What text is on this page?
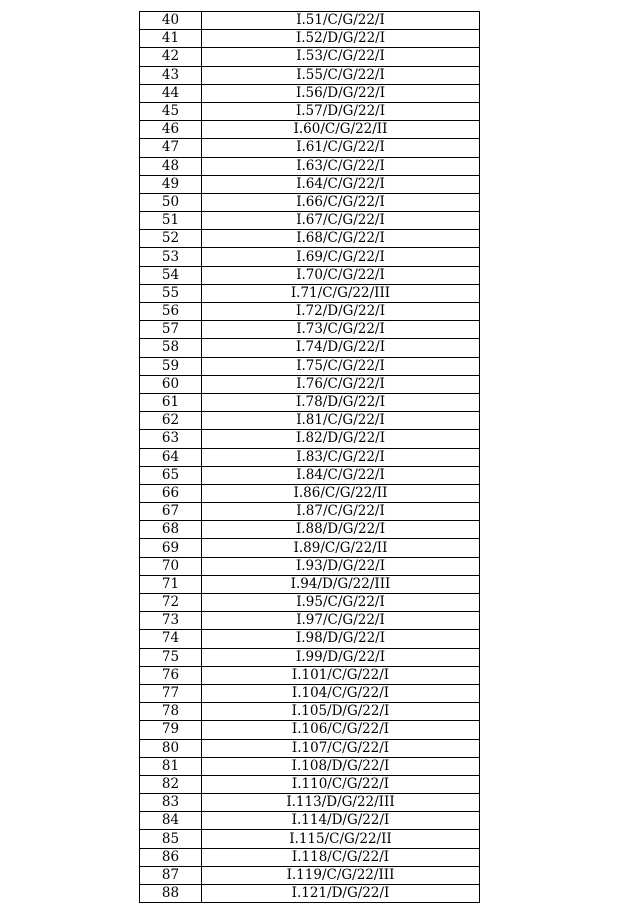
40	I.51/C/G/22/I
41	I.52/D/G/22/I
42	I.53/C/G/22/I
43	I.55/C/G/22/I
44	I.56/D/G/22/I
45	I.57/D/G/22/I
46	I.60/C/G/22/II
47	I.61/C/G/22/I
48	I.63/C/G/22/I
49	I.64/C/G/22/I
50	I.66/C/G/22/I
51	I.67/C/G/22/I
52	I.68/C/G/22/I
53	I.69/C/G/22/I
54	I.70/C/G/22/I
55	I.71/C/G/22/III
56	I.72/D/G/22/I
57	I.73/C/G/22/I
58	I.74/D/G/22/I
59	I.75/C/G/22/I
60	I.76/C/G/22/I
61	I.78/D/G/22/I
62	I.81/C/G/22/I
63	I.82/D/G/22/I
64	I.83/C/G/22/I
65	I.84/C/G/22/I
66	I.86/C/G/22/II
67	I.87/C/G/22/I
68	I.88/D/G/22/I
69	I.89/C/G/22/II
70	I.93/D/G/22/I
71	I.94/D/G/22/III
72	I.95/C/G/22/I
73	I.97/C/G/22/I
74	I.98/D/G/22/I
75	I.99/D/G/22/I
76	I.101/C/G/22/I
77	I.104/C/G/22/I
78	I.105/D/G/22/I
79	I.106/C/G/22/I
80	I.107/C/G/22/I
81	I.108/D/G/22/I
82	I.110/C/G/22/I
83	I.113/D/G/22/III
84	I.114/D/G/22/I
85	I.115/C/G/22/II
86	I.118/C/G/22/I
87	I.119/C/G/22/III
88	I.121/D/G/22/I
